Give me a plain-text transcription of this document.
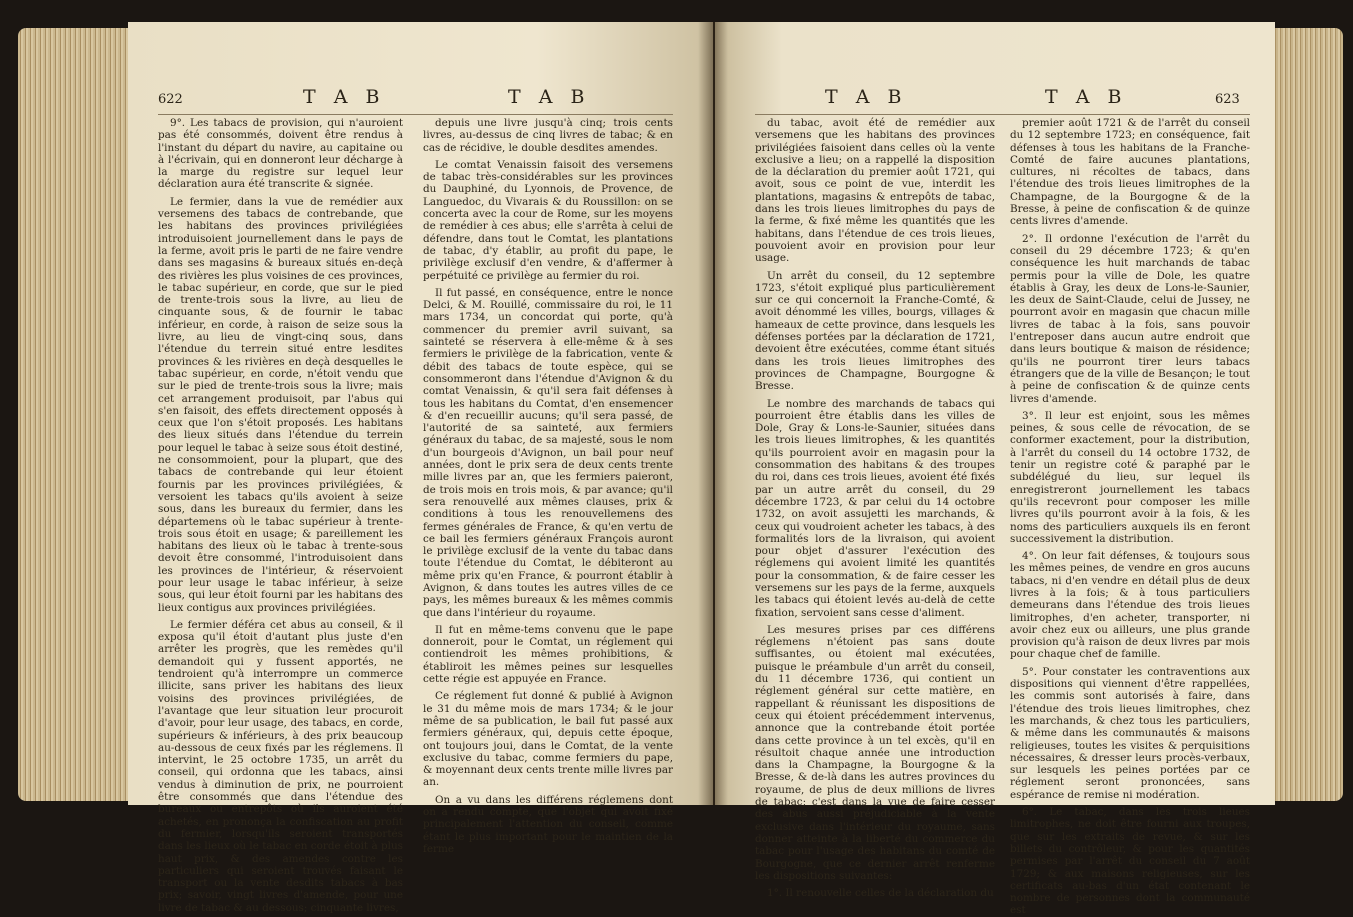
622	T A B	T A B

9°. Les tabacs de provision, qui n'auroient pas été consommés, doivent être rendus à l'instant du départ du navire, au capitaine ou à l'écrivain, qui en donneront leur décharge à la marge du registre sur lequel leur déclaration aura été transcrite & signée.

Le fermier, dans la vue de remédier aux versemens des tabacs de contrebande, que les habitans des provinces privilégiées introduisoient journellement dans le pays de la ferme, avoit pris le parti de ne faire vendre dans ses magasins & bureaux situés en-deçà des rivières les plus voisines de ces provinces, le tabac supérieur, en corde, que sur le pied de trente-trois sous la livre, au lieu de cinquante sous, & de fournir le tabac inférieur, en corde, à raison de seize sous la livre, au lieu de vingt-cinq sous, dans l'étendue du terrein situé entre lesdites provinces & les rivières en deçà desquelles le tabac supérieur, en corde, n'étoit vendu que sur le pied de trente-trois sous la livre; mais cet arrangement produisoit, par l'abus qui s'en faisoit, des effets directement opposés à ceux que l'on s'étoit proposés. Les habitans des lieux situés dans l'étendue du terrein pour lequel le tabac à seize sous étoit destiné, ne consommoient, pour la plupart, que des tabacs de contrebande qui leur étoient fournis par les provinces privilégiées, & versoient les tabacs qu'ils avoient à seize sous, dans les bureaux du fermier, dans les départemens où le tabac supérieur à trente-trois sous étoit en usage; & pareillement les habitans des lieux où le tabac à trente-sous devoit être consommé, l'introduisoient dans les provinces de l'intérieur, & réservoient pour leur usage le tabac inférieur, à seize sous, qui leur étoit fourni par les habitans des lieux contigus aux provinces privilégiées.

Le fermier déféra cet abus au conseil, & il exposa qu'il étoit d'autant plus juste d'en arrêter les progrès, que les remèdes qu'il demandoit qui y fussent apportés, ne tendroient qu'à interrompre un commerce illicite, sans priver les habitans des lieux voisins des provinces privilégiées, de l'avantage que leur situation leur procuroit d'avoir, pour leur usage, des tabacs, en corde, supérieurs & inférieurs, à des prix beaucoup au-dessous de ceux fixés par les réglemens. Il intervint, le 25 octobre 1735, un arrêt du conseil, qui ordonna que les tabacs, ainsi vendus à diminution de prix, ne pourroient être consommés que dans l'étendue des bureaux ou entrepôts où ils auroient été achetés, en prononça la confiscation au profit du fermier, lorsqu'ils seroient transportés dans les lieux où le tabac en corde étoit à plus haut prix, & des amendes contre les particuliers qui seroient trouvés faisant le transport ou la vente desdits tabacs à bas prix; savoir, vingt livres d'amende, pour une livre de tabac & au dessous; cinquante livres,

depuis une livre jusqu'à cinq; trois cents livres, au-dessus de cinq livres de tabac; & en cas de récidive, le double desdites amendes.

Le comtat Venaissin faisoit des versemens de tabac très-considérables sur les provinces du Dauphiné, du Lyonnois, de Provence, de Languedoc, du Vivarais & du Roussillon: on se concerta avec la cour de Rome, sur les moyens de remédier à ces abus; elle s'arrêta à celui de défendre, dans tout le Comtat, les plantations de tabac, d'y établir, au profit du pape, le privilège exclusif d'en vendre, & d'affermer à perpétuité ce privilège au fermier du roi.

Il fut passé, en conséquence, entre le nonce Delci, & M. Rouillé, commissaire du roi, le 11 mars 1734, un concordat qui porte, qu'à commencer du premier avril suivant, sa sainteté se réservera à elle-même & à ses fermiers le privilège de la fabrication, vente & débit des tabacs de toute espèce, qui se consommeront dans l'étendue d'Avignon & du comtat Venaissin, & qu'il sera fait défenses à tous les habitans du Comtat, d'en ensemencer & d'en recueillir aucuns; qu'il sera passé, de l'autorité de sa sainteté, aux fermiers généraux du tabac, de sa majesté, sous le nom d'un bourgeois d'Avignon, un bail pour neuf années, dont le prix sera de deux cents trente mille livres par an, que les fermiers paieront, de trois mois en trois mois, & par avance; qu'il sera renouvellé aux mêmes clauses, prix & conditions à tous les renouvellemens des fermes générales de France, & qu'en vertu de ce bail les fermiers généraux François auront le privilège exclusif de la vente du tabac dans toute l'étendue du Comtat, le débiteront au même prix qu'en France, & pourront établir à Avignon, & dans toutes les autres villes de ce pays, les mêmes bureaux & les mêmes commis que dans l'intérieur du royaume.

Il fut en même-tems convenu que le pape donneroit, pour le Comtat, un réglement qui contiendroit les mêmes prohibitions, & établiroit les mêmes peines sur lesquelles cette régie est appuyée en France.

Ce réglement fut donné & publié à Avignon le 31 du même mois de mars 1734; & le jour même de sa publication, le bail fut passé aux fermiers généraux, qui, depuis cette époque, ont toujours joui, dans le Comtat, de la vente exclusive du tabac, comme fermiers du pape, & moyennant deux cents trente mille livres par an.

On a vu dans les différens réglemens dont on a rendu compte, que l'objet qui avoit fixé principalement l'attention du conseil, comme étant le plus important pour le maintien de la ferme

T A B	T A B	623

du tabac, avoit été de remédier aux versemens que les habitans des provinces privilégiées faisoient dans celles où la vente exclusive a lieu; on a rappellé la disposition de la déclaration du premier août 1721, qui avoit, sous ce point de vue, interdit les plantations, magasins & entrepôts de tabac, dans les trois lieues limitrophes du pays de la ferme, & fixé même les quantités que les habitans, dans l'étendue de ces trois lieues, pouvoient avoir en provision pour leur usage.

Un arrêt du conseil, du 12 septembre 1723, s'étoit expliqué plus particulièrement sur ce qui concernoit la Franche-Comté, & avoit dénommé les villes, bourgs, villages & hameaux de cette province, dans lesquels les défenses portées par la déclaration de 1721, devoient être exécutées, comme étant situés dans les trois lieues limitrophes des provinces de Champagne, Bourgogne & Bresse.

Le nombre des marchands de tabacs qui pourroient être établis dans les villes de Dole, Gray & Lons-le-Saunier, situées dans les trois lieues limitrophes, & les quantités qu'ils pourroient avoir en magasin pour la consommation des habitans & des troupes du roi, dans ces trois lieues, avoient été fixés par un autre arrêt du conseil, du 29 décembre 1723, & par celui du 14 octobre 1732, on avoit assujetti les marchands, & ceux qui voudroient acheter les tabacs, à des formalités lors de la livraison, qui avoient pour objet d'assurer l'exécution des réglemens qui avoient limité les quantités pour la consommation, & de faire cesser les versemens sur les pays de la ferme, auxquels les tabacs qui étoient levés au-delà de cette fixation, servoient sans cesse d'aliment.

Les mesures prises par ces différens réglemens n'étoient pas sans doute suffisantes, ou étoient mal exécutées, puisque le préambule d'un arrêt du conseil, du 11 décembre 1736, qui contient un réglement général sur cette matière, en rappellant & réunissant les dispositions de ceux qui étoient précédemment intervenus, annonce que la contrebande étoit portée dans cette province à un tel excès, qu'il en résultoit chaque année une introduction dans la Champagne, la Bourgogne & la Bresse, & de-là dans les autres provinces du royaume, de plus de deux millions de livres de tabac; c'est dans la vue de faire cesser des abus aussi préjudiciable à la vente exclusive dans l'intérieur du royaume, sans donner atteinte à la liberté du commerce du tabac pour l'usage des habitans du comté de Bourgogne, que ce dernier arrêt renferme les dispositions suivantes:

1°. Il renouvelle celles de la déclaration du

premier août 1721 & de l'arrêt du conseil du 12 septembre 1723; en conséquence, fait défenses à tous les habitans de la Franche-Comté de faire aucunes plantations, cultures, ni récoltes de tabacs, dans l'étendue des trois lieues limitrophes de la Champagne, de la Bourgogne & de la Bresse, à peine de confiscation & de quinze cents livres d'amende.

2°. Il ordonne l'exécution de l'arrêt du conseil du 29 décembre 1723; & qu'en conséquence les huit marchands de tabac permis pour la ville de Dole, les quatre établis à Gray, les deux de Lons-le-Saunier, les deux de Saint-Claude, celui de Jussey, ne pourront avoir en magasin que chacun mille livres de tabac à la fois, sans pouvoir l'entreposer dans aucun autre endroit que dans leurs boutique & maison de résidence; qu'ils ne pourront tirer leurs tabacs étrangers que de la ville de Besançon; le tout à peine de confiscation & de quinze cents livres d'amende.

3°. Il leur est enjoint, sous les mêmes peines, & sous celle de révocation, de se conformer exactement, pour la distribution, à l'arrêt du conseil du 14 octobre 1732, de tenir un registre coté & paraphé par le subdélégué du lieu, sur lequel ils enregistreront journellement les tabacs qu'ils recevront pour composer les mille livres qu'ils pourront avoir à la fois, & les noms des particuliers auxquels ils en feront successivement la distribution.

4°. On leur fait défenses, & toujours sous les mêmes peines, de vendre en gros aucuns tabacs, ni d'en vendre en détail plus de deux livres à la fois; & à tous particuliers demeurans dans l'étendue des trois lieues limitrophes, d'en acheter, transporter, ni avoir chez eux ou ailleurs, une plus grande provision qu'à raison de deux livres par mois pour chaque chef de famille.

5°. Pour constater les contraventions aux dispositions qui viennent d'être rappellées, les commis sont autorisés à faire, dans l'étendue des trois lieues limitrophes, chez les marchands, & chez tous les particuliers, & même dans les communautés & maisons religieuses, toutes les visites & perquisitions nécessaires, & dresser leurs procès-verbaux, sur lesquels les peines portées par ce réglement seront prononcées, sans espérance de remise ni modération.

6°. Le tabac, dans les trois lieues limitrophes, ne doit être fourni aux troupes, que sur les extraits de revue, & sur les billets du contrôleur, & pour les quantités permises par l'arrêt du conseil du 7 août 1729; & aux maisons religieuses, sur les certificats au-bas d'un état contenant le nombre de personnes dont la communauté est
